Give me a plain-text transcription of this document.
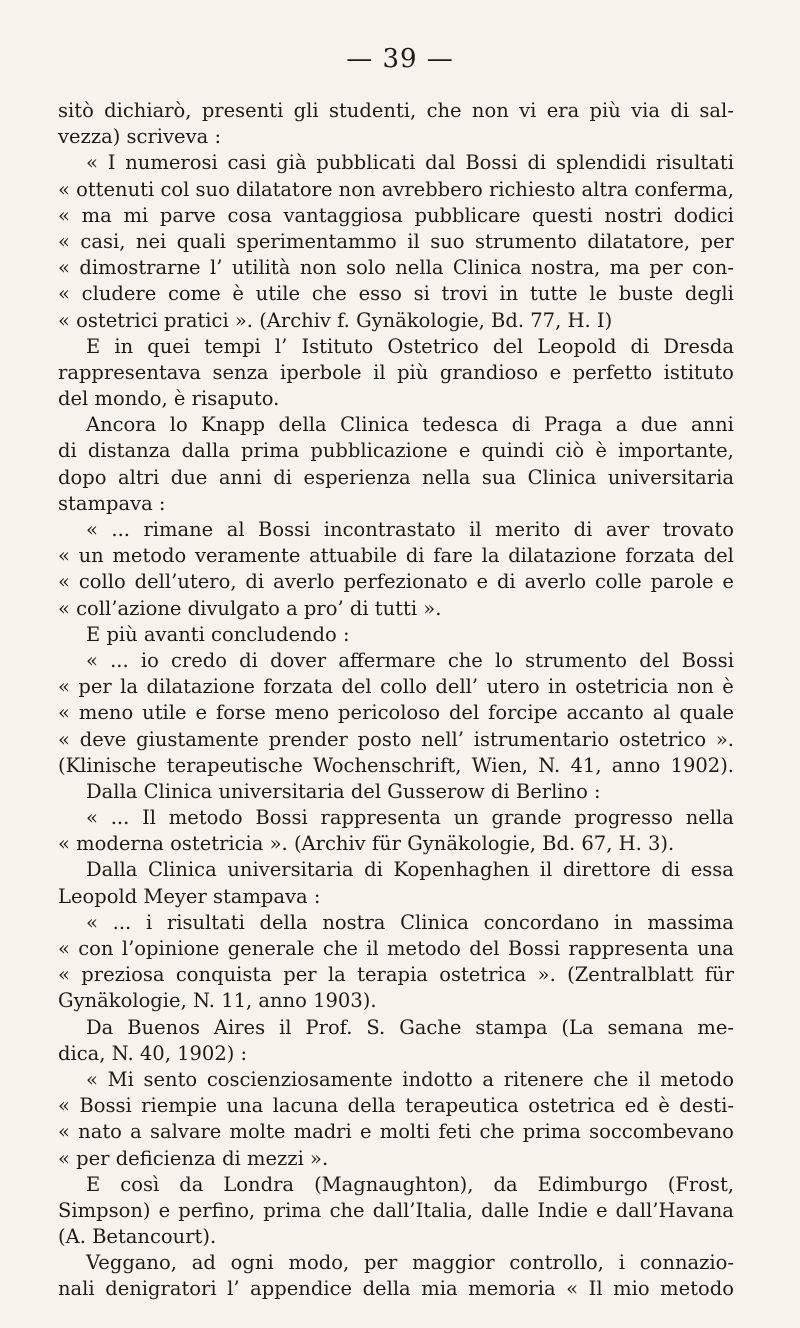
— 39 —
sitò dichiarò, presenti gli studenti, che non vi era più via di sal-
vezza) scriveva :
« I numerosi casi già pubblicati dal Bossi di splendidi risultati
« ottenuti col suo dilatatore non avrebbero richiesto altra conferma,
« ma mi parve cosa vantaggiosa pubblicare questi nostri dodici
« casi, nei quali sperimentammo il suo strumento dilatatore, per
« dimostrarne l’ utilità non solo nella Clinica nostra, ma per con-
« cludere come è utile che esso si trovi in tutte le buste degli
« ostetrici pratici ». (Archiv f. Gynäkologie, Bd. 77, H. I)
E in quei tempi l’ Istituto Ostetrico del Leopold di Dresda
rappresentava senza iperbole il più grandioso e perfetto istituto
del mondo, è risaputo.
Ancora lo Knapp della Clinica tedesca di Praga a due anni
di distanza dalla prima pubblicazione e quindi ciò è importante,
dopo altri due anni di esperienza nella sua Clinica universitaria
stampava :
« ... rimane al Bossi incontrastato il merito di aver trovato
« un metodo veramente attuabile di fare la dilatazione forzata del
« collo dell’utero, di averlo perfezionato e di averlo colle parole e
« coll’azione divulgato a pro’ di tutti ».
E più avanti concludendo :
« ... io credo di dover affermare che lo strumento del Bossi
« per la dilatazione forzata del collo dell’ utero in ostetricia non è
« meno utile e forse meno pericoloso del forcipe accanto al quale
« deve giustamente prender posto nell’ istrumentario ostetrico ».
(Klinische terapeutische Wochenschrift, Wien, N. 41, anno 1902).
Dalla Clinica universitaria del Gusserow di Berlino :
« ... Il metodo Bossi rappresenta un grande progresso nella
« moderna ostetricia ». (Archiv für Gynäkologie, Bd. 67, H. 3).
Dalla Clinica universitaria di Kopenhaghen il direttore di essa
Leopold Meyer stampava :
« ... i risultati della nostra Clinica concordano in massima
« con l’opinione generale che il metodo del Bossi rappresenta una
« preziosa conquista per la terapia ostetrica ». (Zentralblatt für
Gynäkologie, N. 11, anno 1903).
Da Buenos Aires il Prof. S. Gache stampa (La semana me-
dica, N. 40, 1902) :
« Mi sento coscienziosamente indotto a ritenere che il metodo
« Bossi riempie una lacuna della terapeutica ostetrica ed è desti-
« nato a salvare molte madri e molti feti che prima soccombevano
« per deficienza di mezzi ».
E così da Londra (Magnaughton), da Edimburgo (Frost,
Simpson) e perfino, prima che dall’Italia, dalle Indie e dall’Havana
(A. Betancourt).
Veggano, ad ogni modo, per maggior controllo, i connazio-
nali denigratori l’ appendice della mia memoria « Il mio metodo
